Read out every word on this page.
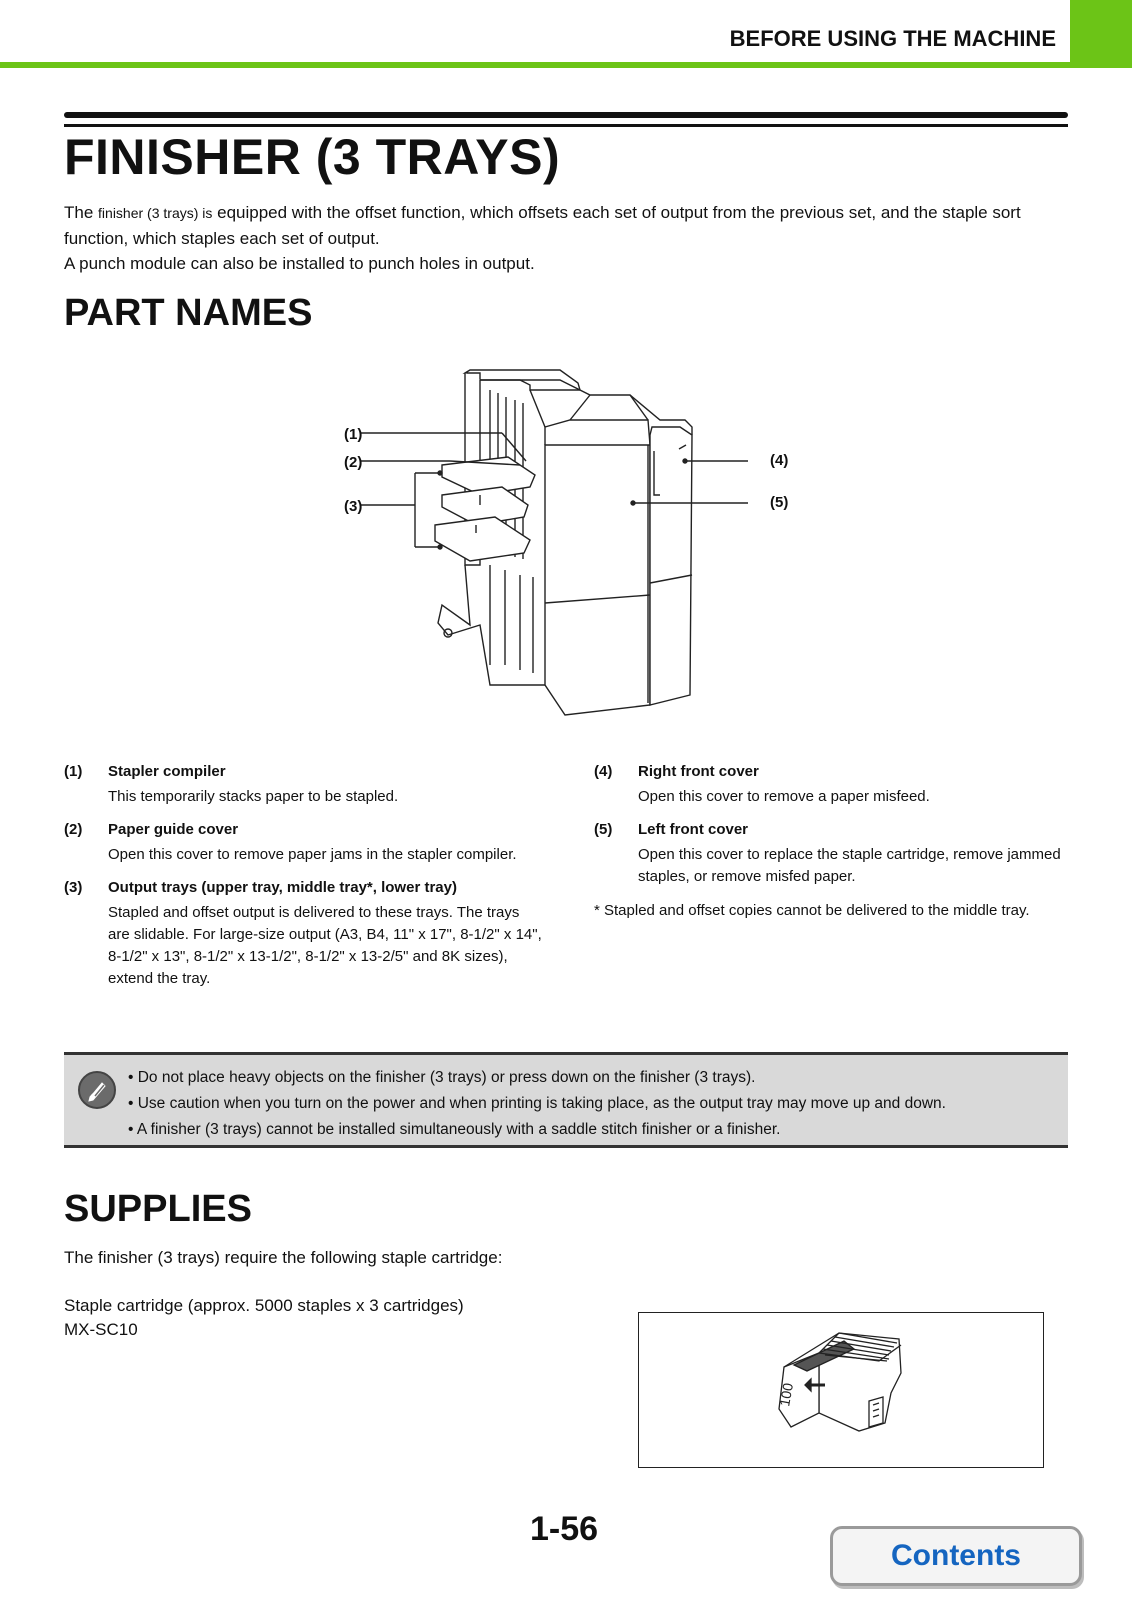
BEFORE USING THE MACHINE
FINISHER (3 TRAYS)

The finisher (3 trays) is equipped with the offset function, which offsets each set of output from the previous set, and the staple sort function, which staples each set of output.
A punch module can also be installed to punch holes in output.

PART NAMES
(1)
(2)
(3)
(4)
(5)
(1)	Stapler compiler
This temporarily stacks paper to be stapled.
(2)	Paper guide cover
Open this cover to remove paper jams in the stapler compiler.
(3)	Output trays (upper tray, middle tray*, lower tray)
Stapled and offset output is delivered to these trays. The trays are slidable. For large-size output (A3, B4, 11" x 17", 8-1/2" x 14", 8-1/2" x 13", 8-1/2" x 13-1/2", 8-1/2" x 13-2/5" and 8K sizes), extend the tray.
(4)	Right front cover
Open this cover to remove a paper misfeed.
(5)	Left front cover
Open this cover to replace the staple cartridge, remove jammed staples, or remove misfed paper.
* Stapled and offset copies cannot be delivered to the middle tray.
• Do not place heavy objects on the finisher (3 trays) or press down on the finisher (3 trays).
• Use caution when you turn on the power and when printing is taking place, as the output tray may move up and down.
• A finisher (3 trays) cannot be installed simultaneously with a saddle stitch finisher or a finisher.
SUPPLIES

The finisher (3 trays) require the following staple cartridge:

Staple cartridge (approx. 5000 staples x 3 cartridges)

MX-SC10

100
1-56
Contents
